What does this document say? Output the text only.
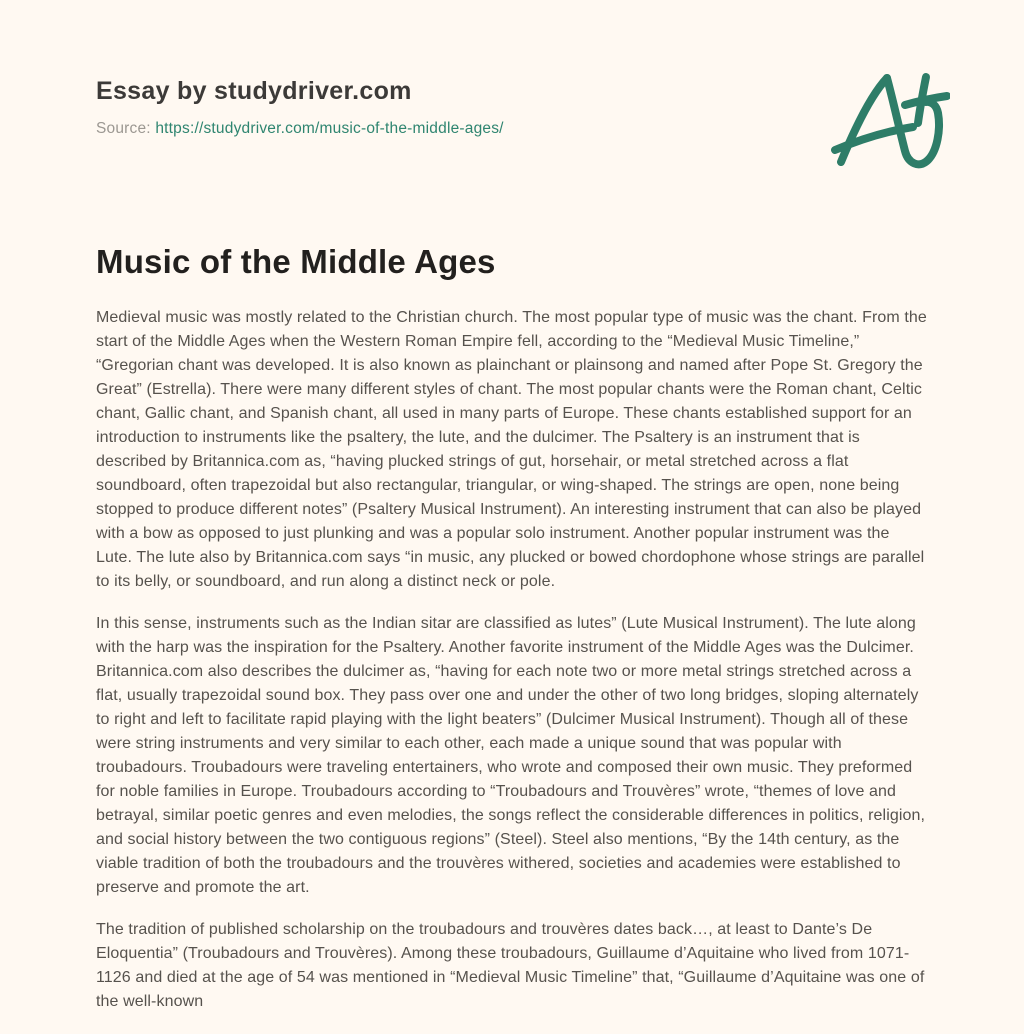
Essay by studydriver.com
Source: https://studydriver.com/music-of-the-middle-ages/
Music of the Middle Ages

Medieval music was mostly related to the Christian church. The most popular type of music was the chant. From the start of the Middle Ages when the Western Roman Empire fell, according to the “Medieval Music Timeline,” “Gregorian chant was developed. It is also known as plainchant or plainsong and named after Pope St. Gregory the Great” (Estrella). There were many different styles of chant. The most popular chants were the Roman chant, Celtic chant, Gallic chant, and Spanish chant, all used in many parts of Europe. These chants established support for an introduction to instruments like the psaltery, the lute, and the dulcimer. The Psaltery is an instrument that is described by Britannica.com as, “having plucked strings of gut, horsehair, or metal stretched across a flat soundboard, often trapezoidal but also rectangular, triangular, or wing-shaped. The strings are open, none being stopped to produce different notes” (Psaltery Musical Instrument). An interesting instrument that can also be played with a bow as opposed to just plunking and was a popular solo instrument. Another popular instrument was the Lute. The lute also by Britannica.com says “in music, any plucked or bowed chordophone whose strings are parallel to its belly, or soundboard, and run along a distinct neck or pole.

In this sense, instruments such as the Indian sitar are classified as lutes” (Lute Musical Instrument). The lute along with the harp was the inspiration for the Psaltery. Another favorite instrument of the Middle Ages was the Dulcimer. Britannica.com also describes the dulcimer as, “having for each note two or more metal strings stretched across a flat, usually trapezoidal sound box. They pass over one and under the other of two long bridges, sloping alternately to right and left to facilitate rapid playing with the light beaters” (Dulcimer Musical Instrument). Though all of these were string instruments and very similar to each other, each made a unique sound that was popular with troubadours. Troubadours were traveling entertainers, who wrote and composed their own music. They preformed for noble families in Europe. Troubadours according to “Troubadours and Trouvères” wrote, “themes of love and betrayal, similar poetic genres and even melodies, the songs reflect the considerable differences in politics, religion, and social history between the two contiguous regions” (Steel). Steel also mentions, “By the 14th century, as the viable tradition of both the troubadours and the trouvères withered, societies and academies were established to preserve and promote the art.

The tradition of published scholarship on the troubadours and trouvères dates back…, at least to Dante’s De Eloquentia” (Troubadours and Trouvères). Among these troubadours, Guillaume d’Aquitaine who lived from 1071-1126 and died at the age of 54 was mentioned in “Medieval Music Timeline” that, “Guillaume d’Aquitaine was one of the well-known
